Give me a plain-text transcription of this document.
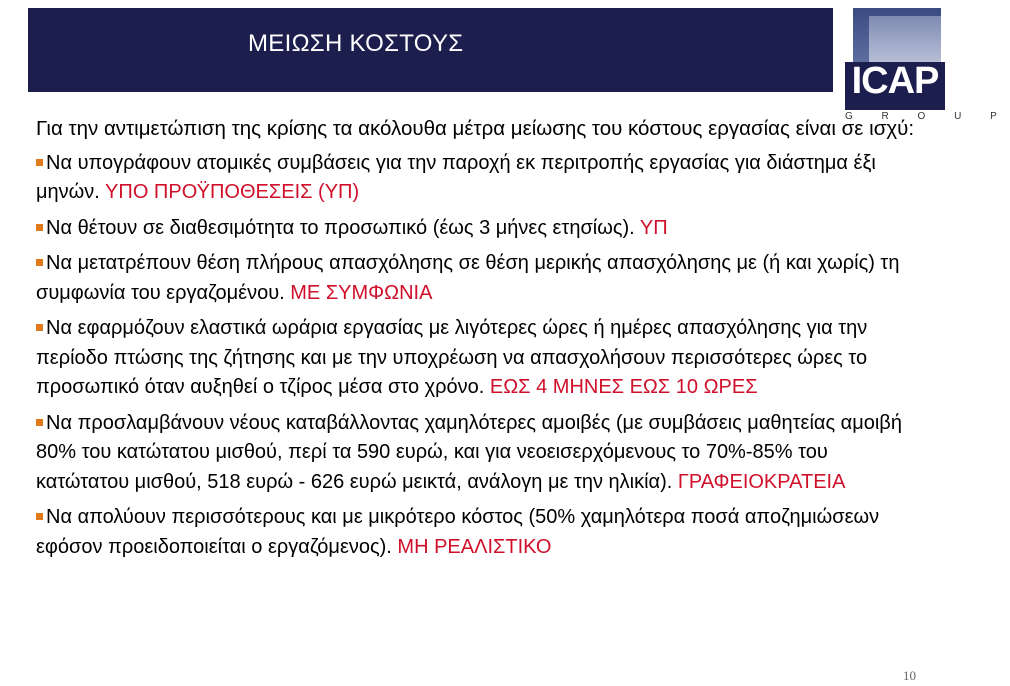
ΜΕΙΩΣΗ ΚΟΣΤΟΥΣ
ICAP
G R O U P

Για την αντιμετώπιση της κρίσης τα ακόλουθα μέτρα μείωσης του κόστους εργασίας είναι σε ισχύ:

Να υπογράφουν ατομικές συμβάσεις για την παροχή εκ περιτροπής εργασίας για διάστημα έξι μηνών. ΥΠΟ ΠΡΟΫΠΟΘΕΣΕΙΣ (ΥΠ)

Να θέτουν σε διαθεσιμότητα το προσωπικό (έως 3 μήνες ετησίως). ΥΠ

Να μετατρέπουν θέση πλήρους απασχόλησης σε θέση μερικής απασχόλησης με (ή και χωρίς) τη συμφωνία του εργαζομένου. ΜΕ ΣΥΜΦΩΝΙΑ

Να εφαρμόζουν ελαστικά ωράρια εργασίας με λιγότερες ώρες ή ημέρες απασχόλησης για την περίοδο πτώσης της ζήτησης και με την υποχρέωση να απασχολήσουν περισσότερες ώρες το προσωπικό όταν αυξηθεί ο τζίρος μέσα στο χρόνο. ΕΩΣ 4 ΜΗΝΕΣ ΕΩΣ 10 ΩΡΕΣ

Να προσλαμβάνουν νέους καταβάλλοντας χαμηλότερες αμοιβές (με συμβάσεις μαθητείας αμοιβή 80% του κατώτατου μισθού, περί τα 590 ευρώ, και για νεοεισερχόμενους το 70%-85% του κατώτατου μισθού, 518 ευρώ - 626 ευρώ μεικτά, ανάλογη με την ηλικία). ΓΡΑΦΕΙΟΚΡΑΤΕΙΑ

Να απολύουν περισσότερους και με μικρότερο κόστος (50% χαμηλότερα ποσά αποζημιώσεων εφόσον προειδοποιείται ο εργαζόμενος). ΜΗ ΡΕΑΛΙΣΤΙΚΟ

10
